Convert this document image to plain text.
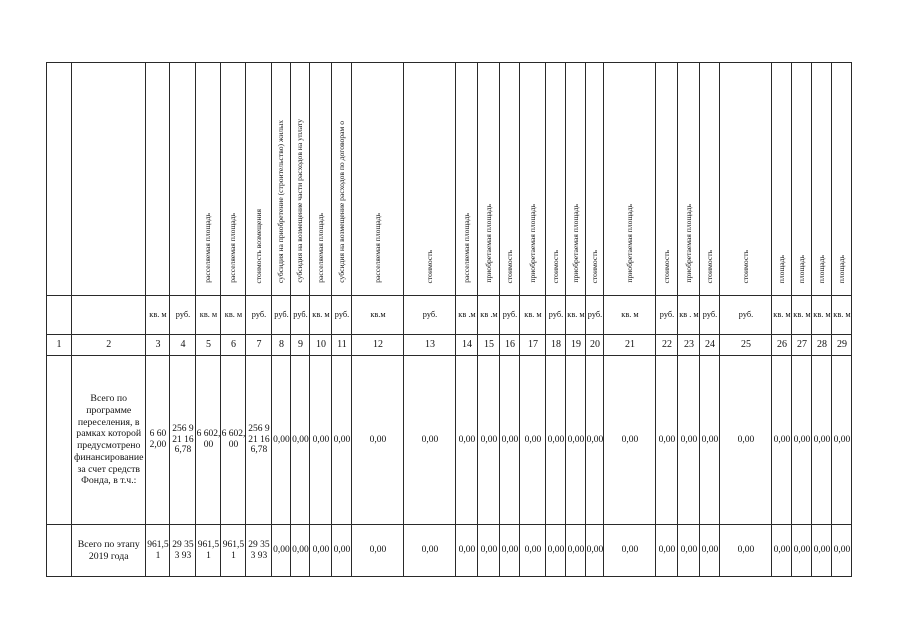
				расселяемая площадь	расселяемая площадь	стоимость возмещения	субсидия на приобретение (строительство) жилых	субсидия на возмещение части расходов на уплату	расселяемая площадь	субсидия на возмещение расходов по договорам о	расселяемая площадь	стоимость	расселяемая площадь	приобретаемая площадь	стоимость	приобретаемая площадь	стоимость	приобретаемая площадь	стоимость	приобретаемая площадь	стоимость	приобретаемая площадь	стоимость	стоимость	площадь	площадь	площадь	площадь
		кв. м	руб.	кв. м	кв. м	руб.	руб.	руб.	кв. м	руб.	кв.м	руб.	кв .м	кв .м	руб.	кв. м	руб.	кв. м	руб.	кв. м	руб.	кв . м	руб.	руб.	кв. м	кв. м	кв. м	кв. м
1	2	3	4	5	6	7	8	9	10	11	12	13	14	15	16	17	18	19	20	21	22	23	24	25	26	27	28	29
	Всего по программе переселения, в рамках которой предусмотрено финансирование за счет средств Фонда, в т.ч.:	6 602,00	256 921 166,78	6 602,00	6 602,00	256 921 166,78	0,00	0,00	0,00	0,00	0,00	0,00	0,00	0,00	0,00	0,00	0,00	0,00	0,00	0,00	0,00	0,00	0,00	0,00	0,00	0,00	0,00	0,00
	Всего по этапу 2019 года	961,51	29 353 93	961,51	961,51	29 353 93	0,00	0,00	0,00	0,00	0,00	0,00	0,00	0,00	0,00	0,00	0,00	0,00	0,00	0,00	0,00	0,00	0,00	0,00	0,00	0,00	0,00	0,00
